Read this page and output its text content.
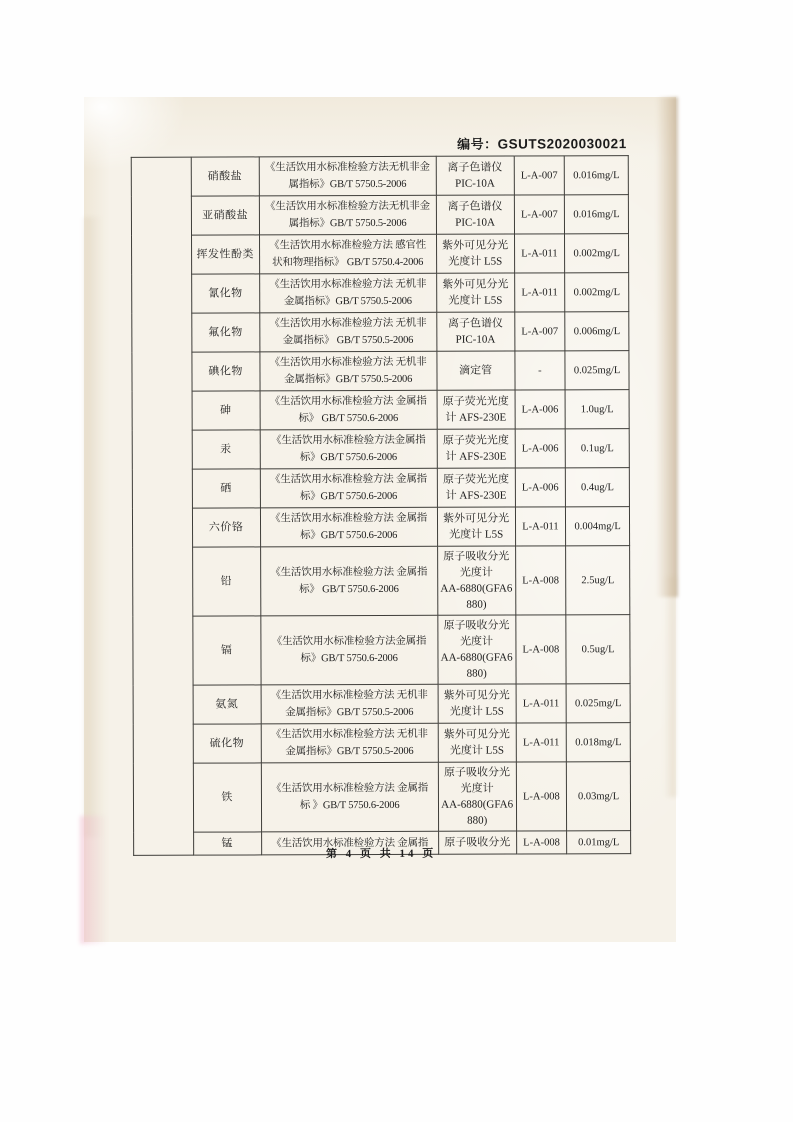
编号：GSUTS2020030021
	硝酸盐	《生活饮用水标准检验方法无机非金
属指标》GB/T 5750.5-2006	离子色谱仪
PIC-10A	L-A-007	0.016mg/L
	亚硝酸盐	《生活饮用水标准检验方法无机非金
属指标》GB/T 5750.5-2006	离子色谱仪
PIC-10A	L-A-007	0.016mg/L
	挥发性酚类	《生活饮用水标准检验方法 感官性
状和物理指标》 GB/T 5750.4-2006	紫外可见分光
光度计 L5S	L-A-011	0.002mg/L
	氰化物	《生活饮用水标准检验方法 无机非
金属指标》GB/T 5750.5-2006	紫外可见分光
光度计 L5S	L-A-011	0.002mg/L
	氟化物	《生活饮用水标准检验方法 无机非
金属指标》 GB/T 5750.5-2006	离子色谱仪
PIC-10A	L-A-007	0.006mg/L
	碘化物	《生活饮用水标准检验方法 无机非
金属指标》GB/T 5750.5-2006	滴定管	-	0.025mg/L
	砷	《生活饮用水标准检验方法 金属指
标》 GB/T 5750.6-2006	原子荧光光度
计 AFS-230E	L-A-006	1.0ug/L
	汞	《生活饮用水标准检验方法金属指
标》GB/T 5750.6-2006	原子荧光光度
计 AFS-230E	L-A-006	0.1ug/L
	硒	《生活饮用水标准检验方法 金属指
标》GB/T 5750.6-2006	原子荧光光度
计 AFS-230E	L-A-006	0.4ug/L
	六价铬	《生活饮用水标准检验方法 金属指
标》GB/T 5750.6-2006	紫外可见分光
光度计 L5S	L-A-011	0.004mg/L
	铅	《生活饮用水标准检验方法 金属指
标》 GB/T 5750.6-2006	原子吸收分光
光度计
AA-6880(GFA6
880)	L-A-008	2.5ug/L
	镉	《生活饮用水标准检验方法金属指
标》GB/T 5750.6-2006	原子吸收分光
光度计
AA-6880(GFA6
880)	L-A-008	0.5ug/L
	氨氮	《生活饮用水标准检验方法 无机非
金属指标》GB/T 5750.5-2006	紫外可见分光
光度计 L5S	L-A-011	0.025mg/L
	硫化物	《生活饮用水标准检验方法 无机非
金属指标》GB/T 5750.5-2006	紫外可见分光
光度计 L5S	L-A-011	0.018mg/L
	铁	《生活饮用水标准检验方法 金属指
标 》GB/T 5750.6-2006	原子吸收分光
光度计
AA-6880(GFA6
880)	L-A-008	0.03mg/L
	锰	《生活饮用水标准检验方法 金属指	原子吸收分光	L-A-008	0.01mg/L
第 4 页 共 14 页
